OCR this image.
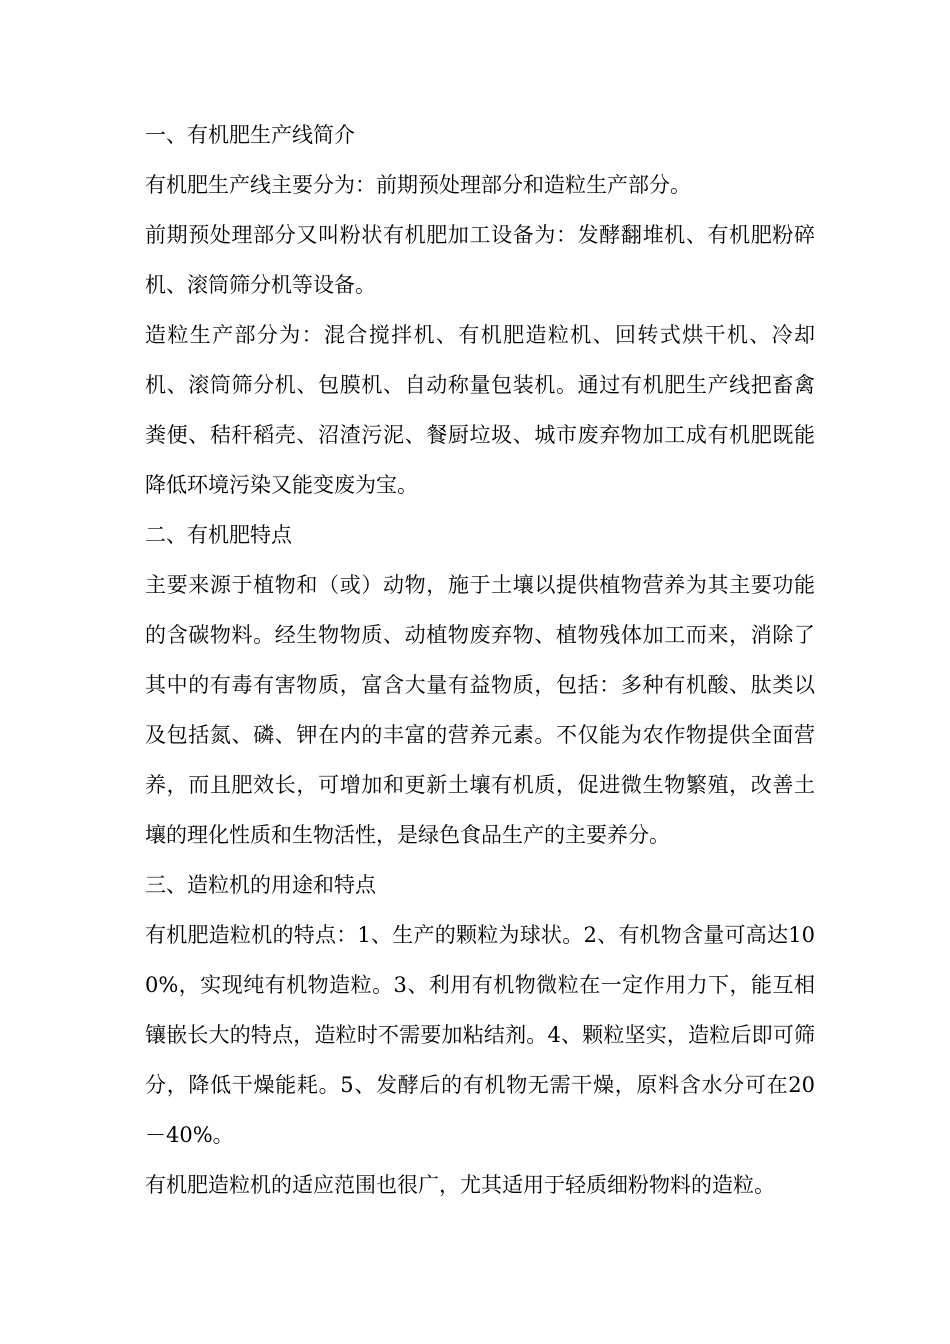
一、有机肥生产线简介

有机肥生产线主要分为：前期预处理部分和造粒生产部分。

前期预处理部分又叫粉状有机肥加工设备为：发酵翻堆机、有机肥粉碎机、滚筒筛分机等设备。

造粒生产部分为：混合搅拌机、有机肥造粒机、回转式烘干机、冷却机、滚筒筛分机、包膜机、自动称量包装机。通过有机肥生产线把畜禽粪便、秸秆稻壳、沼渣污泥、餐厨垃圾、城市废弃物加工成有机肥既能降低环境污染又能变废为宝。

二、有机肥特点

主要来源于植物和（或）动物，施于土壤以提供植物营养为其主要功能的含碳物料。经生物物质、动植物废弃物、植物残体加工而来，消除了其中的有毒有害物质，富含大量有益物质，包括：多种有机酸、肽类以及包括氮、磷、钾在内的丰富的营养元素。不仅能为农作物提供全面营养，而且肥效长，可增加和更新土壤有机质，促进微生物繁殖，改善土壤的理化性质和生物活性，是绿色食品生产的主要养分。

三、造粒机的用途和特点

有机肥造粒机的特点：1、生产的颗粒为球状。2、有机物含量可高达100%，实现纯有机物造粒。3、利用有机物微粒在一定作用力下，能互相镶嵌长大的特点，造粒时不需要加粘结剂。4、颗粒坚实，造粒后即可筛分，降低干燥能耗。5、发酵后的有机物无需干燥，原料含水分可在20－40%。

有机肥造粒机的适应范围也很广，尤其适用于轻质细粉物料的造粒。
